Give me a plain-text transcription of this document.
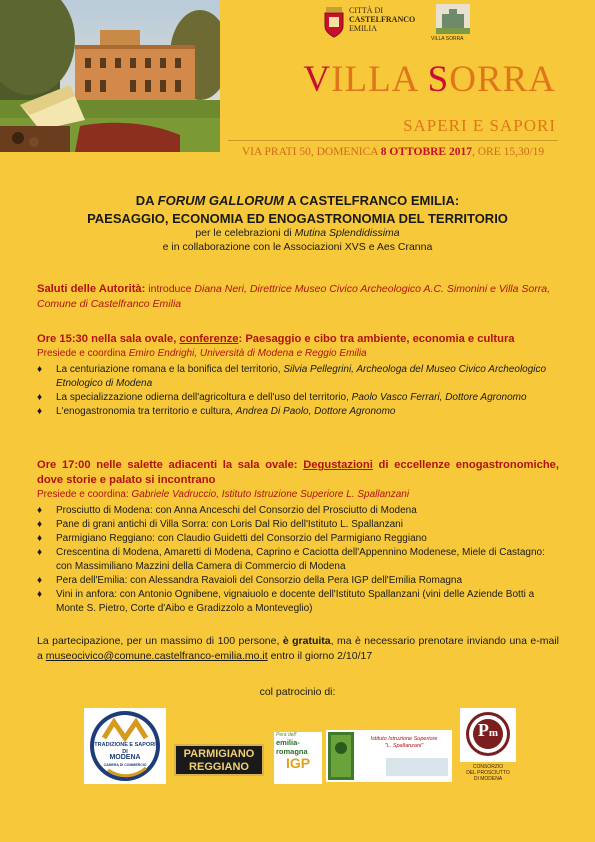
CITTÀ DI
CASTELFRANCO
EMILIA
VILLA SORRA
VILLA SORRA
SAPERI E SAPORI
VIA PRATI 50, DOMENICA 8 OTTOBRE 2017, ORE 15,30/19
DA FORUM GALLORUM A CASTELFRANCO EMILIA:
PAESAGGIO, ECONOMIA ED ENOGASTRONOMIA DEL TERRITORIO
per le celebrazioni di Mutina Splendidissima
e in collaborazione con le Associazioni XVS e Aes Cranna
Saluti delle Autorità: introduce Diana Neri, Direttrice Museo Civico Archeologico A.C. Simonini e Villa Sorra, Comune di Castelfranco Emilia
Ore 15:30 nella sala ovale, conferenze: Paesaggio e cibo tra ambiente, economia e cultura
Presiede e coordina Emiro Endrighi, Università di Modena e Reggio Emilia
♦ La centuriazione romana e la bonifica del territorio, Silvia Pellegrini, Archeologa del Museo Civico Archeologico Etnologico di Modena
♦ La specializzazione odierna dell'agricoltura e dell'uso del territorio, Paolo Vasco Ferrari, Dottore Agronomo
♦ L'enogastronomia tra territorio e cultura, Andrea Di Paolo, Dottore Agronomo
Ore 17:00 nelle salette adiacenti la sala ovale: Degustazioni di eccellenze enogastronomiche, dove storie e palato si incontrano
Presiede e coordina: Gabriele Vadruccio, Istituto Istruzione Superiore L. Spallanzani
♦ Prosciutto di Modena: con Anna Anceschi del Consorzio del Prosciutto di Modena
♦ Pane di grani antichi di Villa Sorra: con Loris Dal Rio dell'Istituto L. Spallanzani
♦ Parmigiano Reggiano: con Claudio Guidetti del Consorzio del Parmigiano Reggiano
♦ Crescentina di Modena, Amaretti di Modena, Caprino e Caciotta dell'Appennino Modenese, Miele di Castagno: con Massimiliano Mazzini della Camera di Commercio di Modena
♦ Pera dell'Emilia: con Alessandra Ravaioli del Consorzio della Pera IGP dell'Emilia Romagna
♦ Vini in anfora: con Antonio Ognibene, vignaiuolo e docente dell'Istituto Spallanzani (vini delle Aziende Botti a Monte S. Pietro, Corte d'Aibo e Gradizzolo a Monteveglio)
La partecipazione, per un massimo di 100 persone, è gratuita, ma è necessario prenotare inviando una e-mail a museocivico@comune.castelfranco-emilia.mo.it entro il giorno 2/10/17
col patrocinio di:
TRADIZIONE E SAPORI
DI
MODENA
CAMERA DI COMMERCIO
PARMIGIANO
REGGIANO
Pera dell'
emilia-
romagna
IGP
Istituto Istruzione Superiore
"L. Spallanzani"
Pm
CONSORZIO
DEL PROSCIUTTO
DI MODENA
